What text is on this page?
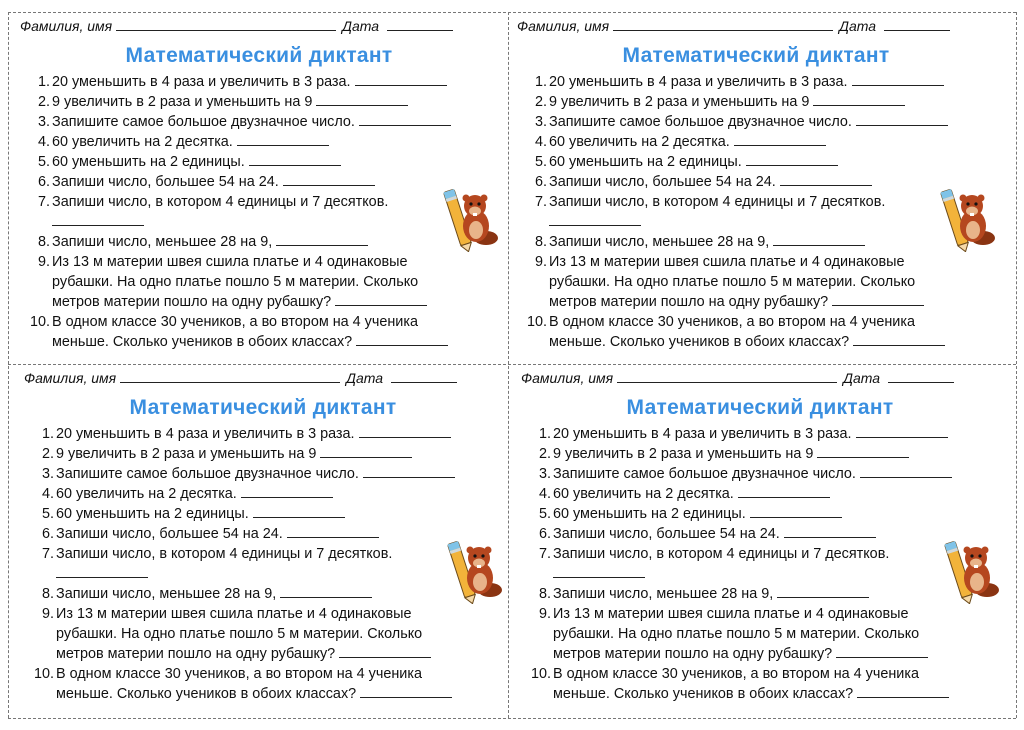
Фамилия, имя	Дата
Математический диктант
1. 20 уменьшить в 4 раза и увеличить в 3 раза.
2. 9 увеличить в 2 раза и уменьшить на 9
3. Запишите самое большое двузначное число.
4. 60 увеличить на 2 десятка.
5. 60 уменьшить на 2 единицы.
6. Запиши число, большее 54 на 24.
7. Запиши число, в котором 4 единицы и 7 десятков.
8. Запиши число, меньшее 28 на 9,
9. Из 13 м материи швея сшила платье и 4 одинаковые рубашки. На одно платье пошло 5 м материи. Сколько метров материи пошло на одну рубашку?
10. В одном классе 30 учеников, а во втором на 4 ученика меньше. Сколько учеников в обоих классах?
Фамилия, имя	Дата
Математический диктант
1. 20 уменьшить в 4 раза и увеличить в 3 раза.
2. 9 увеличить в 2 раза и уменьшить на 9
3. Запишите самое большое двузначное число.
4. 60 увеличить на 2 десятка.
5. 60 уменьшить на 2 единицы.
6. Запиши число, большее 54 на 24.
7. Запиши число, в котором 4 единицы и 7 десятков.
8. Запиши число, меньшее 28 на 9,
9. Из 13 м материи швея сшила платье и 4 одинаковые рубашки. На одно платье пошло 5 м материи. Сколько метров материи пошло на одну рубашку?
10. В одном классе 30 учеников, а во втором на 4 ученика меньше. Сколько учеников в обоих классах?
Фамилия, имя	Дата
Математический диктант
1. 20 уменьшить в 4 раза и увеличить в 3 раза.
2. 9 увеличить в 2 раза и уменьшить на 9
3. Запишите самое большое двузначное число.
4. 60 увеличить на 2 десятка.
5. 60 уменьшить на 2 единицы.
6. Запиши число, большее 54 на 24.
7. Запиши число, в котором 4 единицы и 7 десятков.
8. Запиши число, меньшее 28 на 9,
9. Из 13 м материи швея сшила платье и 4 одинаковые рубашки. На одно платье пошло 5 м материи. Сколько метров материи пошло на одну рубашку?
10. В одном классе 30 учеников, а во втором на 4 ученика меньше. Сколько учеников в обоих классах?
Фамилия, имя	Дата
Математический диктант
1. 20 уменьшить в 4 раза и увеличить в 3 раза.
2. 9 увеличить в 2 раза и уменьшить на 9
3. Запишите самое большое двузначное число.
4. 60 увеличить на 2 десятка.
5. 60 уменьшить на 2 единицы.
6. Запиши число, большее 54 на 24.
7. Запиши число, в котором 4 единицы и 7 десятков.
8. Запиши число, меньшее 28 на 9,
9. Из 13 м материи швея сшила платье и 4 одинаковые рубашки. На одно платье пошло 5 м материи. Сколько метров материи пошло на одну рубашку?
10. В одном классе 30 учеников, а во втором на 4 ученика меньше. Сколько учеников в обоих классах?
